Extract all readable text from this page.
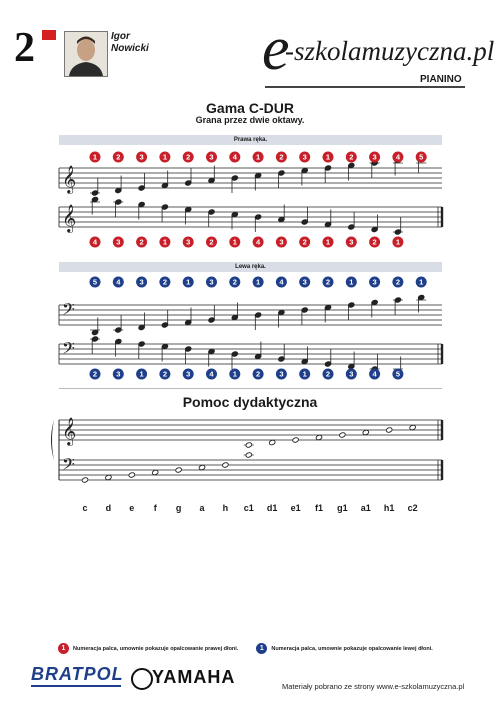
2	Igor
Nowicki e
-szkolamuzyczna.pl
PIANINO
Gama C-DUR
Grana przez dwie oktawy.
Prawa ręka.
Lewa ręka.
Pomoc dydaktyczna
c	d	e	f	g	a	h	c1	d1	e1	f1	g1	a1	h1	c2
𝄞
𝄞
1	2	3	1	2	3	4	1	2	3	1	2	3	4	5
4	3	2	1	3	2	1	4	3	2	1	3	2	1
𝄢
𝄢
5	4	3	2	1	3	2	1	4	3	2	1	3	2	1
2	3	1	2	3	4	1	2	3	1	2	3	4	5
𝄞
𝄢
1 Numeracja palca, umownie pokazuje opalcowanie prawej dłoni.	1 Numeracja palca, umownie pokazuje opalcowanie lewej dłoni.
BRATPOL YAMAHA	Materiały pobrano ze strony www.e-szkolamuzyczna.pl
